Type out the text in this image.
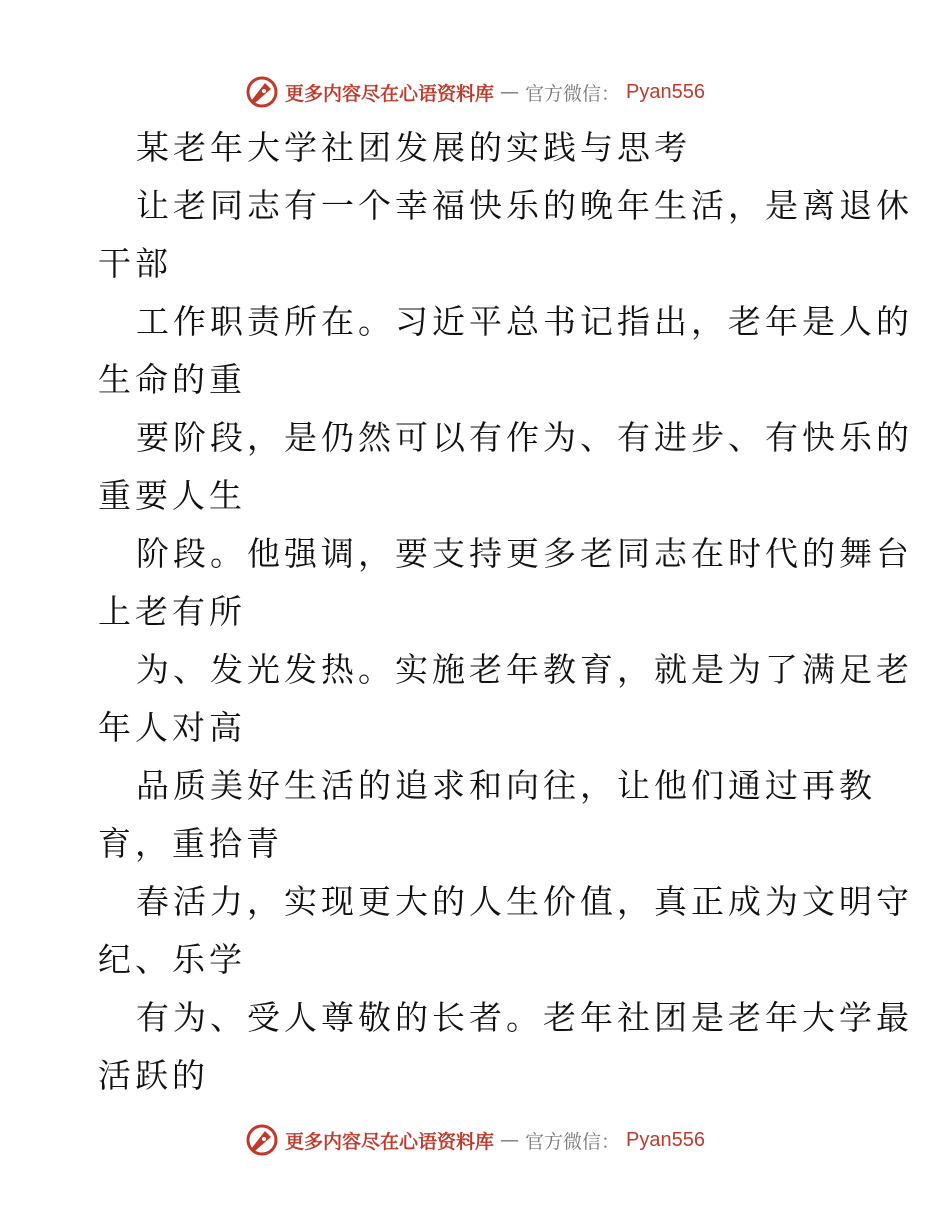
更多内容尽在心语资料库 — 官方微信： Pyan556
某老年大学社团发展的实践与思考
让老同志有一个幸福快乐的晚年生活，是离退休
干部
工作职责所在。习近平总书记指出，老年是人的
生命的重
要阶段，是仍然可以有作为、有进步、有快乐的
重要人生
阶段。他强调，要支持更多老同志在时代的舞台
上老有所
为、发光发热。实施老年教育，就是为了满足老
年人对高
品质美好生活的追求和向往，让他们通过再教
育，重拾青
春活力，实现更大的人生价值，真正成为文明守
纪、乐学
有为、受人尊敬的长者。老年社团是老年大学最
活跃的
更多内容尽在心语资料库 — 官方微信： Pyan556
